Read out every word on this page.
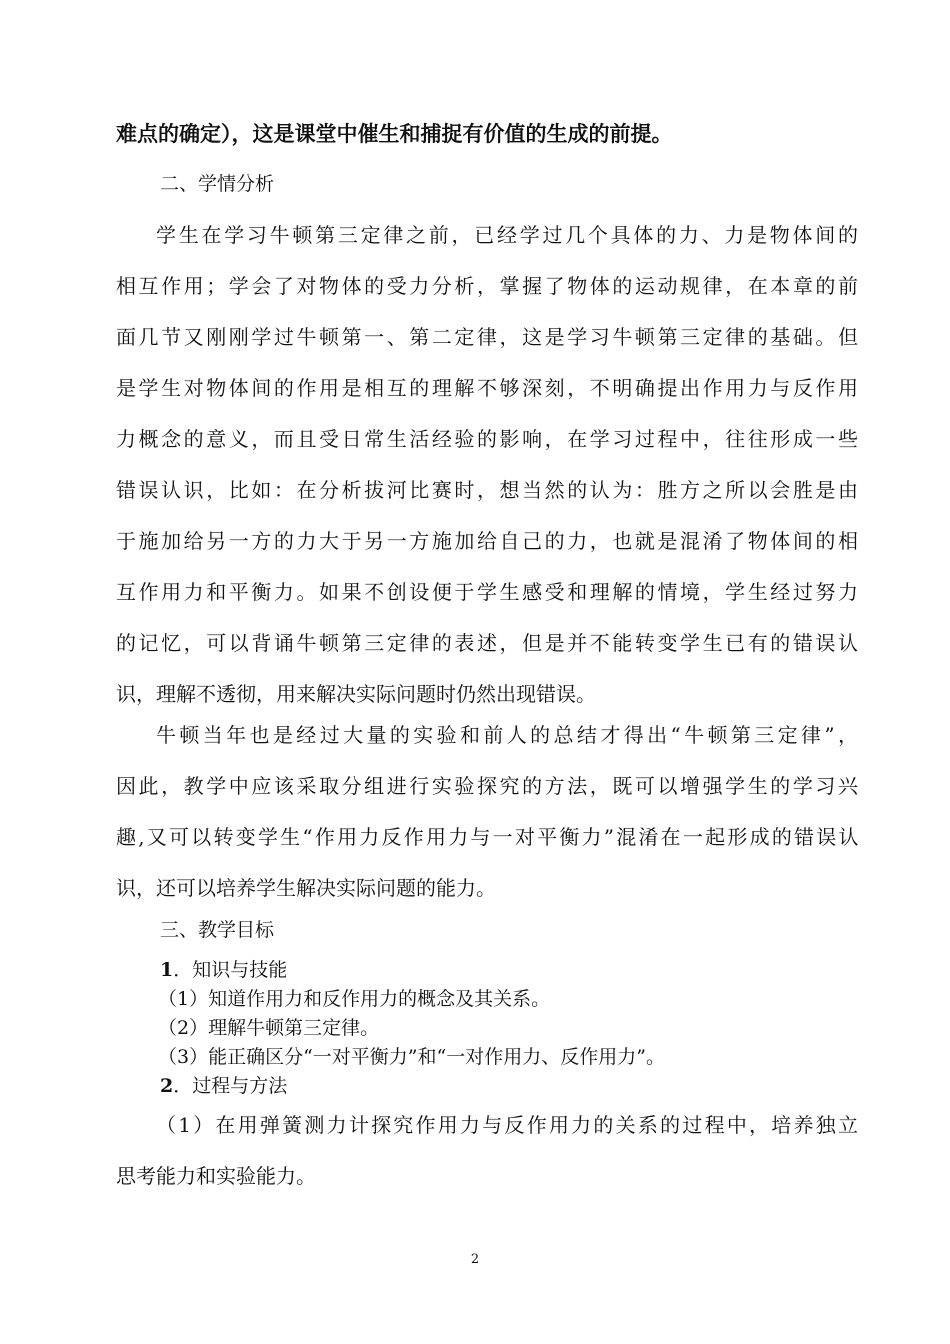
难点的确定），这是课堂中催生和捕捉有价值的生成的前提。

二、学情分析

学生在学习牛顿第三定律之前，已经学过几个具体的力、力是物体间的

相互作用；学会了对物体的受力分析，掌握了物体的运动规律，在本章的前

面几节又刚刚学过牛顿第一、第二定律，这是学习牛顿第三定律的基础。但

是学生对物体间的作用是相互的理解不够深刻，不明确提出作用力与反作用

力概念的意义，而且受日常生活经验的影响，在学习过程中，往往形成一些

错误认识，比如：在分析拔河比赛时，想当然的认为：胜方之所以会胜是由

于施加给另一方的力大于另一方施加给自己的力，也就是混淆了物体间的相

互作用力和平衡力。如果不创设便于学生感受和理解的情境，学生经过努力

的记忆，可以背诵牛顿第三定律的表述，但是并不能转变学生已有的错误认

识，理解不透彻，用来解决实际问题时仍然出现错误。

牛顿当年也是经过大量的实验和前人的总结才得出“牛顿第三定律”，

因此，教学中应该采取分组进行实验探究的方法，既可以增强学生的学习兴

趣,又可以转变学生“作用力反作用力与一对平衡力”混淆在一起形成的错误认

识，还可以培养学生解决实际问题的能力。

三、教学目标

1．知识与技能

（1）知道作用力和反作用力的概念及其关系。

（2）理解牛顿第三定律。

（3）能正确区分“一对平衡力”和“一对作用力、反作用力”。

2．过程与方法

（1）在用弹簧测力计探究作用力与反作用力的关系的过程中，培养独立

思考能力和实验能力。

2
